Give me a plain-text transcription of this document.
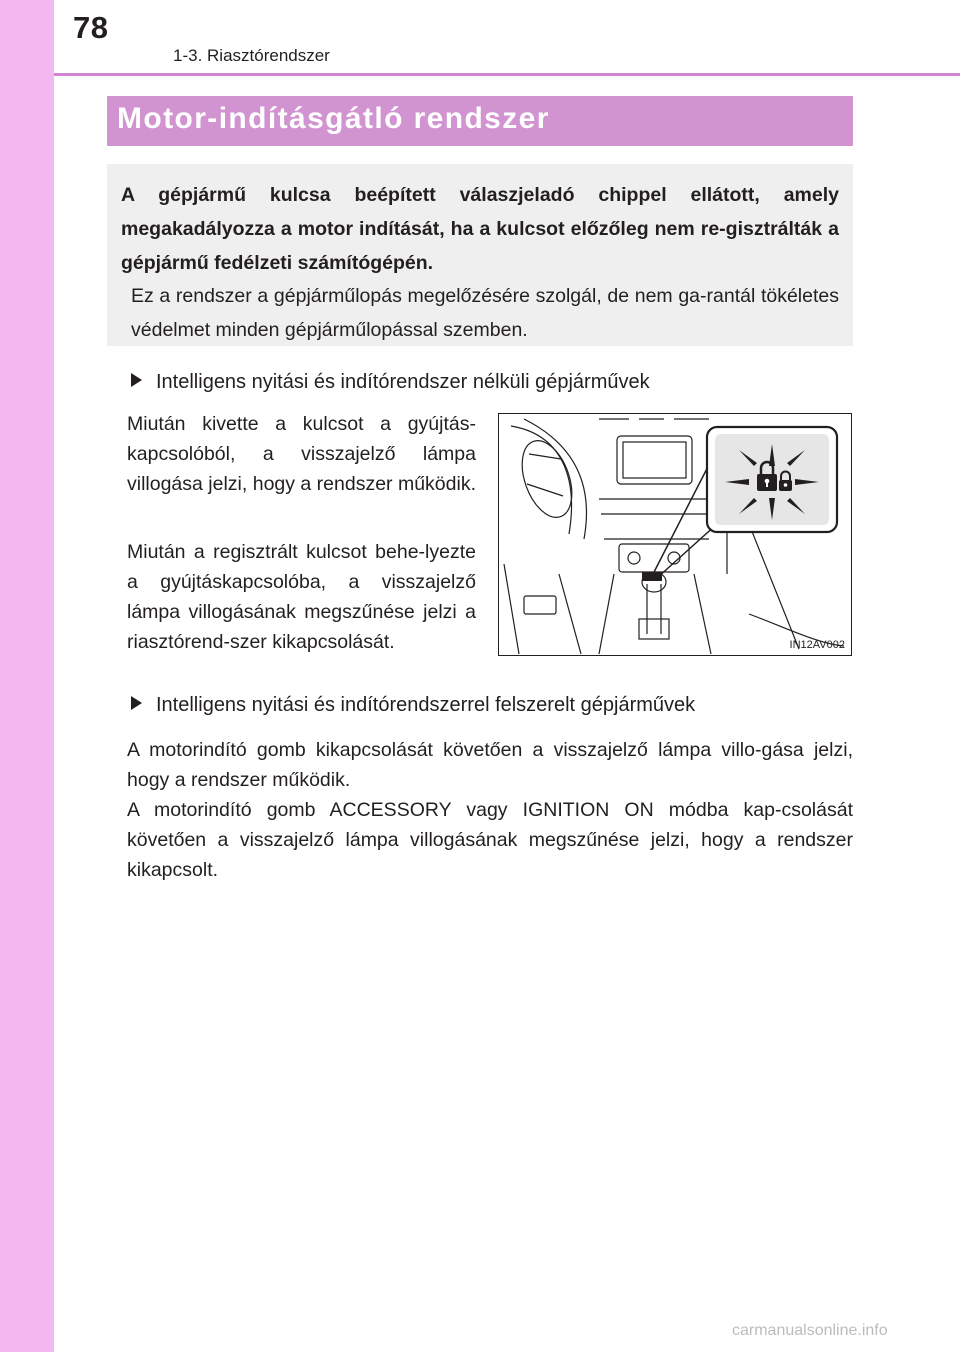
78
1-3. Riasztórendszer
Motor-indításgátló rendszer
A gépjármű kulcsa beépített válaszjeladó chippel ellátott, amely megakadályozza a motor indítását, ha a kulcsot előzőleg nem re-gisztrálták a gépjármű fedélzeti számítógépén.
Ez a rendszer a gépjárműlopás megelőzésére szolgál, de nem ga-rantál tökéletes védelmet minden gépjárműlopással szemben.
Intelligens nyitási és indítórendszer nélküli gépjárművek
Miután kivette a kulcsot a gyújtás-kapcsolóból, a visszajelző lámpa villogása jelzi, hogy a rendszer működik.
Miután a regisztrált kulcsot behe-lyezte a gyújtáskapcsolóba, a visszajelző lámpa villogásának megszűnése jelzi a riasztórend-szer kikapcsolását.	IN12AV002
Intelligens nyitási és indítórendszerrel felszerelt gépjárművek
A motorindító gomb kikapcsolását követően a visszajelző lámpa villo-gása jelzi, hogy a rendszer működik.
A motorindító gomb ACCESSORY vagy IGNITION ON módba kap-csolását követően a visszajelző lámpa villogásának megszűnése jelzi, hogy a rendszer kikapcsolt.
carmanualsonline.info
